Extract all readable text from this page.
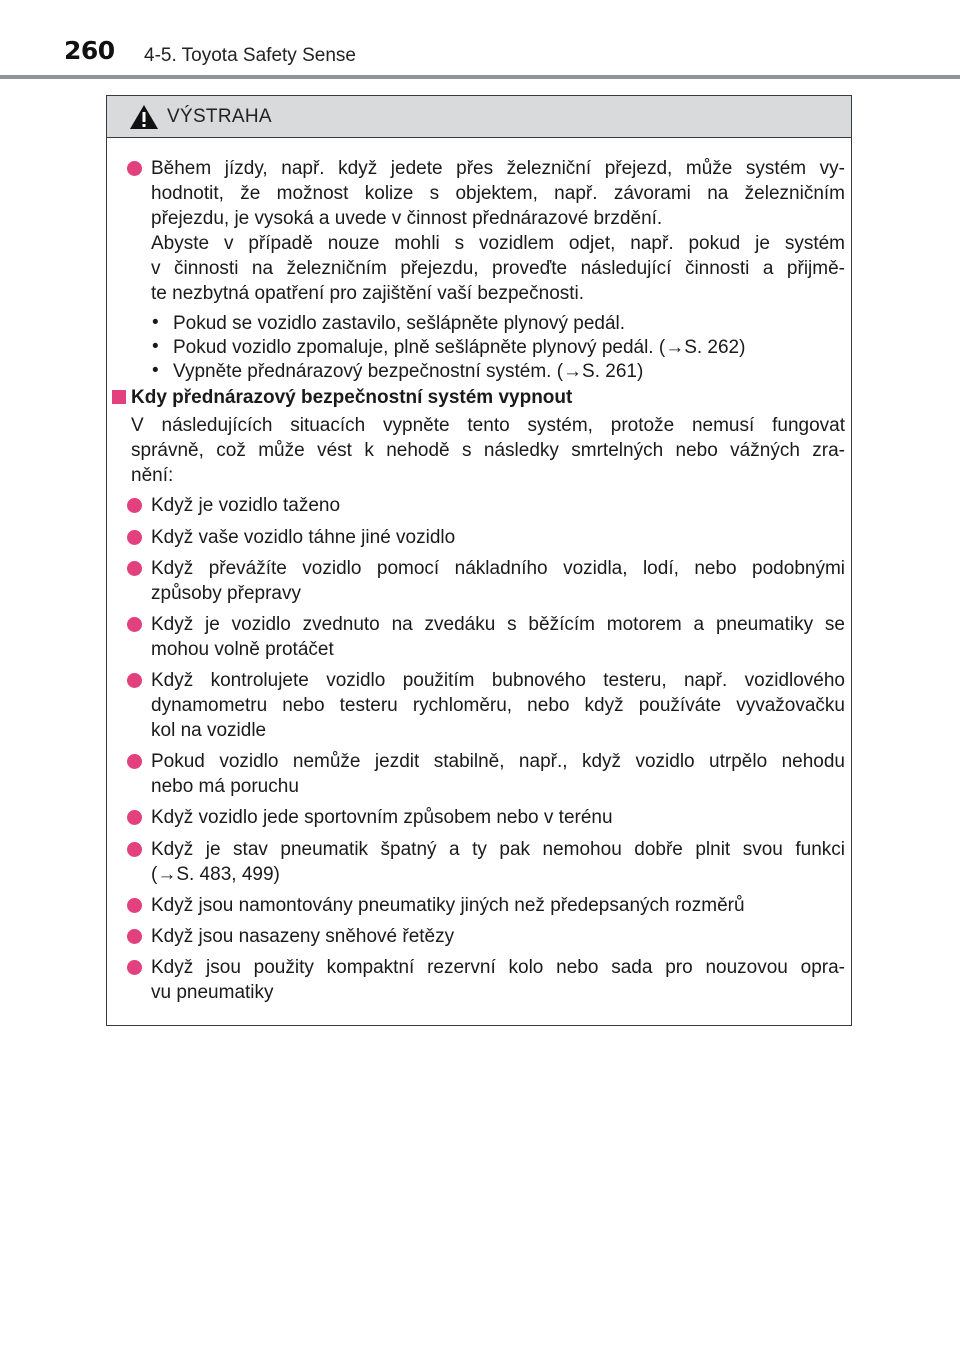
260 4-5. Toyota Safety Sense
VÝSTRAHA
Během jízdy, např. když jedete přes železniční přejezd, může systém vy-
hodnotit, že možnost kolize s objektem, např. závorami na železničním
přejezdu, je vysoká a uvede v činnost přednárazové brzdění.
Abyste v případě nouze mohli s vozidlem odjet, např. pokud je systém
v činnosti na železničním přejezdu, proveďte následující činnosti a přijmě-
te nezbytná opatření pro zajištění vaší bezpečnosti.
• Pokud se vozidlo zastavilo, sešlápněte plynový pedál.
• Pokud vozidlo zpomaluje, plně sešlápněte plynový pedál. (→S. 262)
• Vypněte přednárazový bezpečnostní systém. (→S. 261)
Kdy přednárazový bezpečnostní systém vypnout
V následujících situacích vypněte tento systém, protože nemusí fungovat
správně, což může vést k nehodě s následky smrtelných nebo vážných zra-
nění:
Když je vozidlo taženo
Když vaše vozidlo táhne jiné vozidlo
Když převážíte vozidlo pomocí nákladního vozidla, lodí, nebo podobnými
způsoby přepravy
Když je vozidlo zvednuto na zvedáku s běžícím motorem a pneumatiky se
mohou volně protáčet
Když kontrolujete vozidlo použitím bubnového testeru, např. vozidlového
dynamometru nebo testeru rychloměru, nebo když používáte vyvažovačku
kol na vozidle
Pokud vozidlo nemůže jezdit stabilně, např., když vozidlo utrpělo nehodu
nebo má poruchu
Když vozidlo jede sportovním způsobem nebo v terénu
Když je stav pneumatik špatný a ty pak nemohou dobře plnit svou funkci
(→S. 483, 499)
Když jsou namontovány pneumatiky jiných než předepsaných rozměrů
Když jsou nasazeny sněhové řetězy
Když jsou použity kompaktní rezervní kolo nebo sada pro nouzovou opra-
vu pneumatiky
